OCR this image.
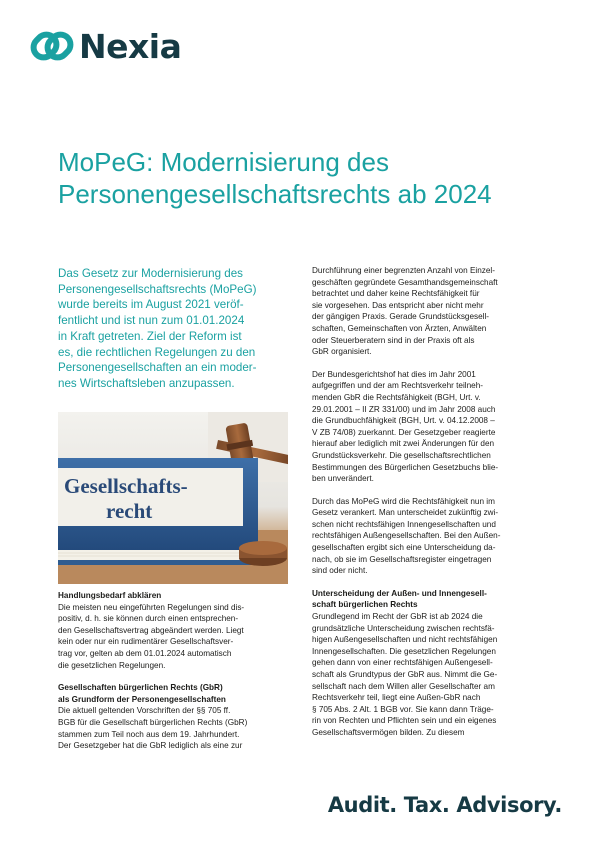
Nexia
MoPeG: Modernisierung des
Personengesellschaftsrechts ab 2024
Das Gesetz zur Modernisierung des
Personengesellschaftsrechts (MoPeG)
wurde bereits im August 2021 veröf-
fentlicht und ist nun zum 01.01.2024
in Kraft getreten. Ziel der Reform ist
es, die rechtlichen Regelungen zu den
Personengesellschaften an ein moder-
nes Wirtschaftsleben anzupassen.
Gesellschafts-
recht
Handlungsbedarf abklären

Die meisten neu eingeführten Regelungen sind dis-
positiv, d. h. sie können durch einen entsprechen-
den Gesellschaftsvertrag abgeändert werden. Liegt
kein oder nur ein rudimentärer Gesellschaftsver-
trag vor, gelten ab dem 01.01.2024 automatisch
die gesetzlichen Regelungen.

Gesellschaften bürgerlichen Rechts (GbR)
als Grundform der Personengesellschaften

Die aktuell geltenden Vorschriften der §§ 705 ff.
BGB für die Gesellschaft bürgerlichen Rechts (GbR)
stammen zum Teil noch aus dem 19. Jahrhundert.
Der Gesetzgeber hat die GbR lediglich als eine zur

Durchführung einer begrenzten Anzahl von Einzel-
geschäften gegründete Gesamthandsgemeinschaft
betrachtet und daher keine Rechtsfähigkeit für
sie vorgesehen. Das entspricht aber nicht mehr
der gängigen Praxis. Gerade Grundstücksgesell-
schaften, Gemeinschaften von Ärzten, Anwälten
oder Steuerberatern sind in der Praxis oft als
GbR organisiert.

Der Bundesgerichtshof hat dies im Jahr 2001
aufgegriffen und der am Rechtsverkehr teilneh-
menden GbR die Rechtsfähigkeit (BGH, Urt. v.
29.01.2001 – II ZR 331/00) und im Jahr 2008 auch
die Grundbuchfähigkeit (BGH, Urt. v. 04.12.2008 –
V ZB 74/08) zuerkannt. Der Gesetzgeber reagierte
hierauf aber lediglich mit zwei Änderungen für den
Grundstücksverkehr. Die gesellschaftsrechtlichen
Bestimmungen des Bürgerlichen Gesetzbuchs blie-
ben unverändert.

Durch das MoPeG wird die Rechtsfähigkeit nun im
Gesetz verankert. Man unterscheidet zukünftig zwi-
schen nicht rechtsfähigen Innengesellschaften und
rechtsfähigen Außengesellschaften. Bei den Außen-
gesellschaften ergibt sich eine Unterscheidung da-
nach, ob sie im Gesellschaftsregister eingetragen
sind oder nicht.

Unterscheidung der Außen- und Innengesell-
schaft bürgerlichen Rechts

Grundlegend im Recht der GbR ist ab 2024 die
grundsätzliche Unterscheidung zwischen rechtsfä-
higen Außengesellschaften und nicht rechtsfähigen
Innengesellschaften. Die gesetzlichen Regelungen
gehen dann von einer rechtsfähigen Außengesell-
schaft als Grundtypus der GbR aus. Nimmt die Ge-
sellschaft nach dem Willen aller Gesellschafter am
Rechtsverkehr teil, liegt eine Außen-GbR nach
§ 705 Abs. 2 Alt. 1 BGB vor. Sie kann dann Träge-
rin von Rechten und Pflichten sein und ein eigenes
Gesellschaftsvermögen bilden. Zu diesem

Audit. Tax. Advisory.
